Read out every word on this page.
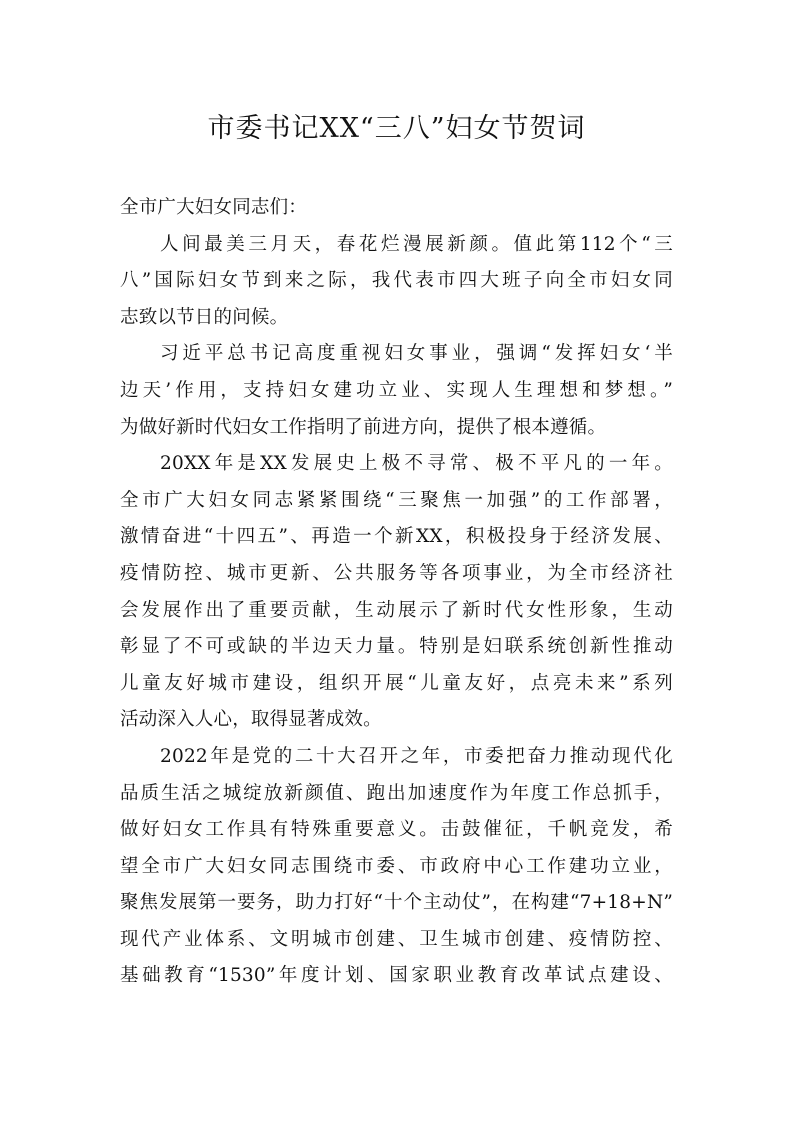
市委书记XX“三八”妇女节贺词
全市广大妇女同志们：
人间最美三月天，春花烂漫展新颜。值此第112个“三
八”国际妇女节到来之际，我代表市四大班子向全市妇女同
志致以节日的问候。
习近平总书记高度重视妇女事业，强调“发挥妇女‘半
边天’作用，支持妇女建功立业、实现人生理想和梦想。”
为做好新时代妇女工作指明了前进方向，提供了根本遵循。
20XX年是XX发展史上极不寻常、极不平凡的一年。
全市广大妇女同志紧紧围绕“三聚焦一加强”的工作部署，
激情奋进“十四五”、再造一个新XX，积极投身于经济发展、
疫情防控、城市更新、公共服务等各项事业，为全市经济社
会发展作出了重要贡献，生动展示了新时代女性形象，生动
彰显了不可或缺的半边天力量。特别是妇联系统创新性推动
儿童友好城市建设，组织开展“儿童友好，点亮未来”系列
活动深入人心，取得显著成效。
2022年是党的二十大召开之年，市委把奋力推动现代化
品质生活之城绽放新颜值、跑出加速度作为年度工作总抓手，
做好妇女工作具有特殊重要意义。击鼓催征，千帆竞发，希
望全市广大妇女同志围绕市委、市政府中心工作建功立业，
聚焦发展第一要务，助力打好“十个主动仗”，在构建“7+18+N”
现代产业体系、文明城市创建、卫生城市创建、疫情防控、
基础教育“1530”年度计划、国家职业教育改革试点建设、
